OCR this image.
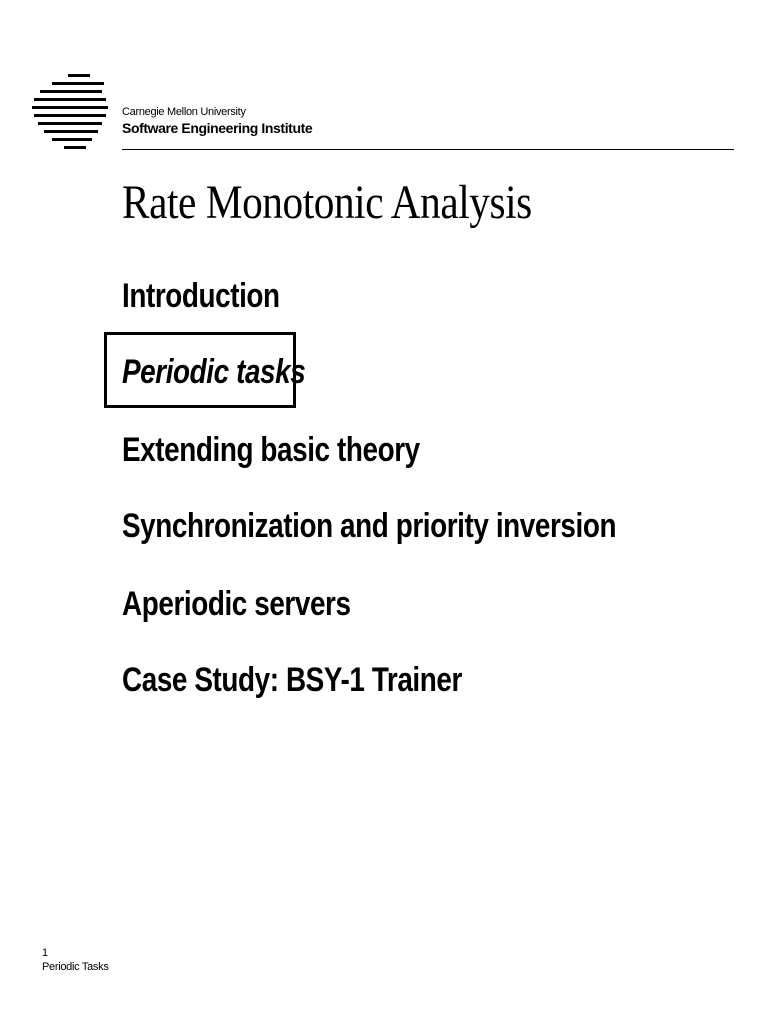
Carnegie Mellon University
Software Engineering Institute
Rate Monotonic Analysis
Introduction
Periodic tasks
Extending basic theory
Synchronization and priority inversion
Aperiodic servers
Case Study: BSY-1 Trainer
1
Periodic Tasks
